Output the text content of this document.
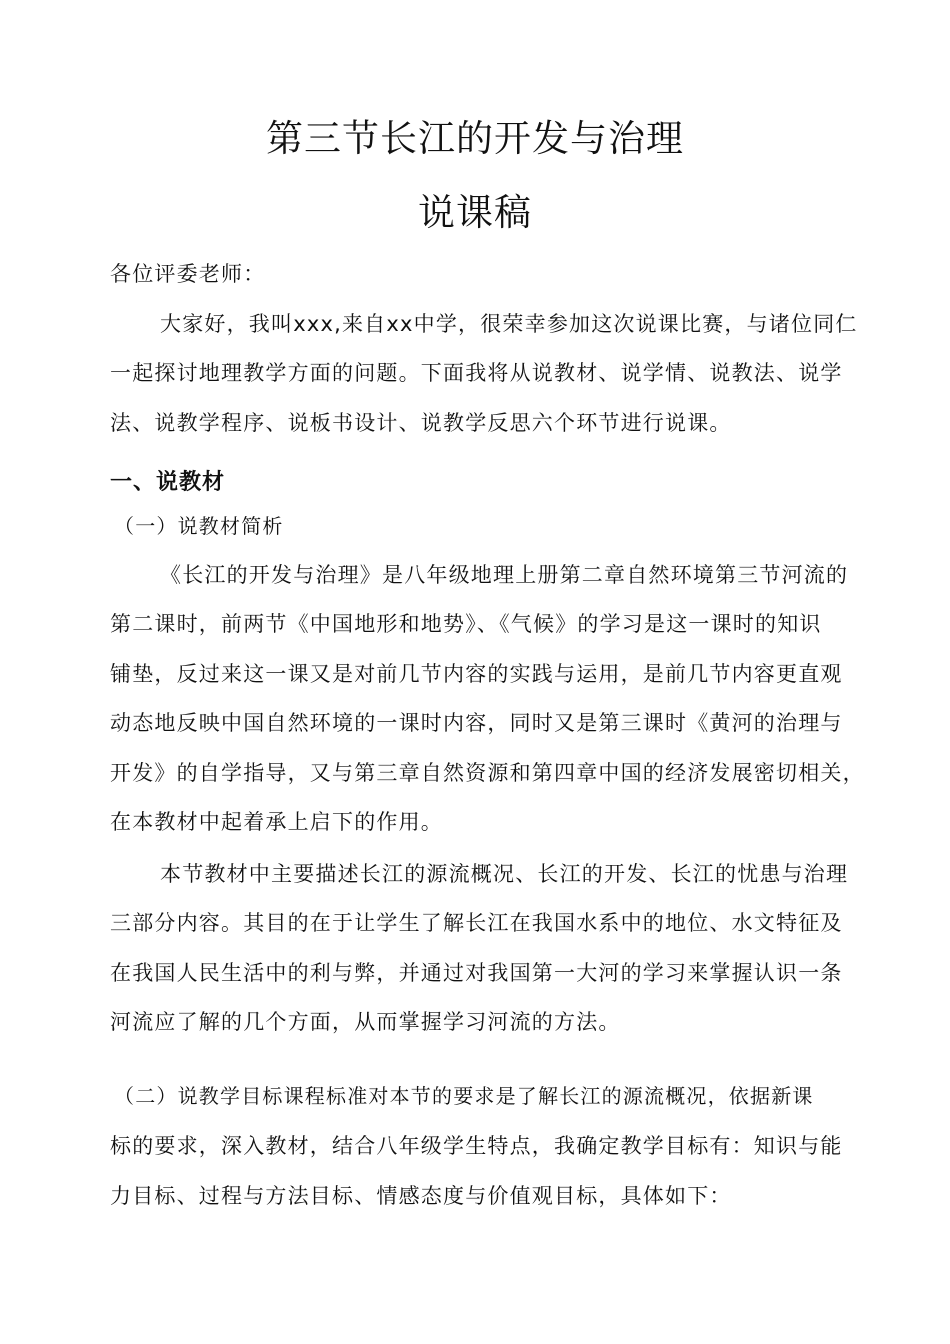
第三节长江的开发与治理
说课稿
各位评委老师：
大家好，我叫xxx,来自xx中学，很荣幸参加这次说课比赛，与诸位同仁
一起探讨地理教学方面的问题。下面我将从说教材、说学情、说教法、说学
法、说教学程序、说板书设计、说教学反思六个环节进行说课。
一、说教材
（一）说教材简析
《长江的开发与治理》是八年级地理上册第二章自然环境第三节河流的
第二课时，前两节《中国地形和地势》、《气候》的学习是这一课时的知识
铺垫，反过来这一课又是对前几节内容的实践与运用，是前几节内容更直观
动态地反映中国自然环境的一课时内容，同时又是第三课时《黄河的治理与
开发》的自学指导，又与第三章自然资源和第四章中国的经济发展密切相关，
在本教材中起着承上启下的作用。
本节教材中主要描述长江的源流概况、长江的开发、长江的忧患与治理
三部分内容。其目的在于让学生了解长江在我国水系中的地位、水文特征及
在我国人民生活中的利与弊，并通过对我国第一大河的学习来掌握认识一条
河流应了解的几个方面，从而掌握学习河流的方法。
（二）说教学目标课程标准对本节的要求是了解长江的源流概况，依据新课
标的要求，深入教材，结合八年级学生特点，我确定教学目标有：知识与能
力目标、过程与方法目标、情感态度与价值观目标，具体如下：
